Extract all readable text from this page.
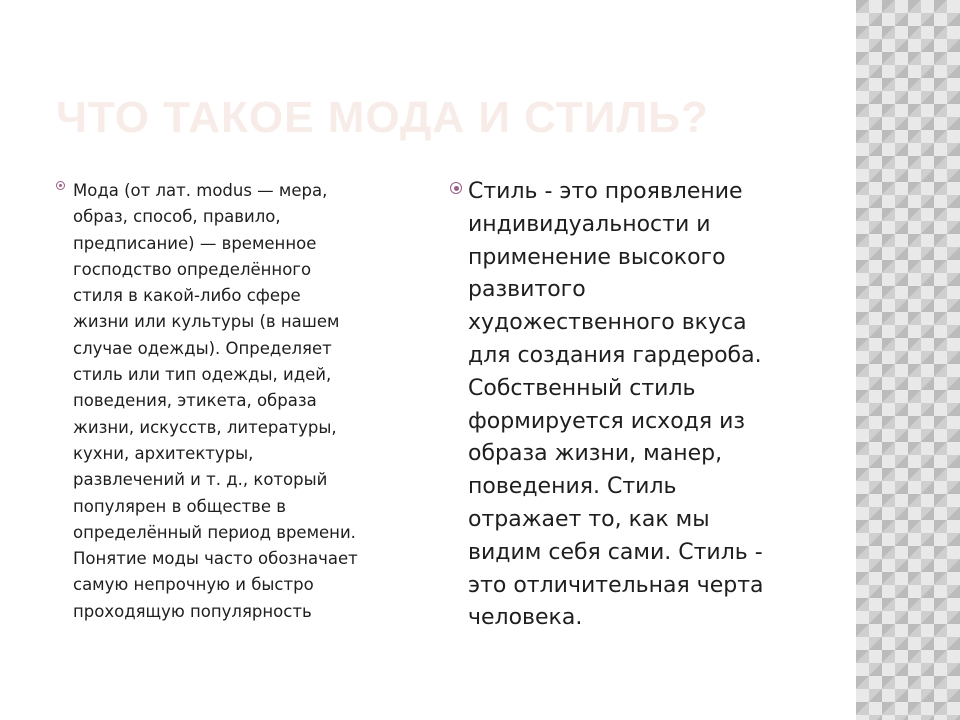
ЧТО ТАКОЕ МОДА И СТИЛЬ?

Мода (от лат. modus — мера,
образ, способ, правило,
предписание) — временное
господство определённого
стиля в какой-либо сфере
жизни или культуры (в нашем
случае одежды). Определяет
стиль или тип одежды, идей,
поведения, этикета, образа
жизни, искусств, литературы,
кухни, архитектуры,
развлечений и т. д., который
популярен в обществе в
определённый период времени.
Понятие моды часто обозначает
самую непрочную и быстро
проходящую популярность

Стиль - это проявление
индивидуальности и
применение высокого
развитого
художественного вкуса
для создания гардероба.
Собственный стиль
формируется исходя из
образа жизни, манер,
поведения. Стиль
отражает то, как мы
видим себя сами. Стиль -
это отличительная черта
человека.
